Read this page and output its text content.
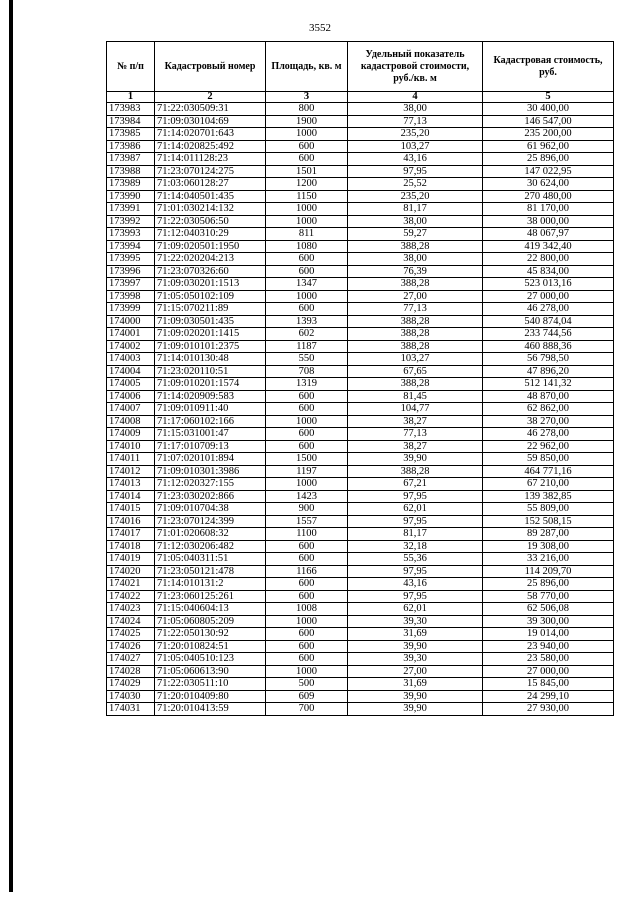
3552
№ п/п	Кадастровый номер	Площадь, кв. м	Удельный показатель кадастровой стоимости, руб./кв. м	Кадастровая стоимость, руб.
1	2	3	4	5
173983	71:22:030509:31	800	38,00	30 400,00
173984	71:09:030104:69	1900	77,13	146 547,00
173985	71:14:020701:643	1000	235,20	235 200,00
173986	71:14:020825:492	600	103,27	61 962,00
173987	71:14:011128:23	600	43,16	25 896,00
173988	71:23:070124:275	1501	97,95	147 022,95
173989	71:03:060128:27	1200	25,52	30 624,00
173990	71:14:040501:435	1150	235,20	270 480,00
173991	71:01:030214:132	1000	81,17	81 170,00
173992	71:22:030506:50	1000	38,00	38 000,00
173993	71:12:040310:29	811	59,27	48 067,97
173994	71:09:020501:1950	1080	388,28	419 342,40
173995	71:22:020204:213	600	38,00	22 800,00
173996	71:23:070326:60	600	76,39	45 834,00
173997	71:09:030201:1513	1347	388,28	523 013,16
173998	71:05:050102:109	1000	27,00	27 000,00
173999	71:15:070211:89	600	77,13	46 278,00
174000	71:09:030501:435	1393	388,28	540 874,04
174001	71:09:020201:1415	602	388,28	233 744,56
174002	71:09:010101:2375	1187	388,28	460 888,36
174003	71:14:010130:48	550	103,27	56 798,50
174004	71:23:020110:51	708	67,65	47 896,20
174005	71:09:010201:1574	1319	388,28	512 141,32
174006	71:14:020909:583	600	81,45	48 870,00
174007	71:09:010911:40	600	104,77	62 862,00
174008	71:17:060102:166	1000	38,27	38 270,00
174009	71:15:031001:47	600	77,13	46 278,00
174010	71:17:010709:13	600	38,27	22 962,00
174011	71:07:020101:894	1500	39,90	59 850,00
174012	71:09:010301:3986	1197	388,28	464 771,16
174013	71:12:020327:155	1000	67,21	67 210,00
174014	71:23:030202:866	1423	97,95	139 382,85
174015	71:09:010704:38	900	62,01	55 809,00
174016	71:23:070124:399	1557	97,95	152 508,15
174017	71:01:020608:32	1100	81,17	89 287,00
174018	71:12:030206:482	600	32,18	19 308,00
174019	71:05:040311:51	600	55,36	33 216,00
174020	71:23:050121:478	1166	97,95	114 209,70
174021	71:14:010131:2	600	43,16	25 896,00
174022	71:23:060125:261	600	97,95	58 770,00
174023	71:15:040604:13	1008	62,01	62 506,08
174024	71:05:060805:209	1000	39,30	39 300,00
174025	71:22:050130:92	600	31,69	19 014,00
174026	71:20:010824:51	600	39,90	23 940,00
174027	71:05:040510:123	600	39,30	23 580,00
174028	71:05:060613:90	1000	27,00	27 000,00
174029	71:22:030511:10	500	31,69	15 845,00
174030	71:20:010409:80	609	39,90	24 299,10
174031	71:20:010413:59	700	39,90	27 930,00
